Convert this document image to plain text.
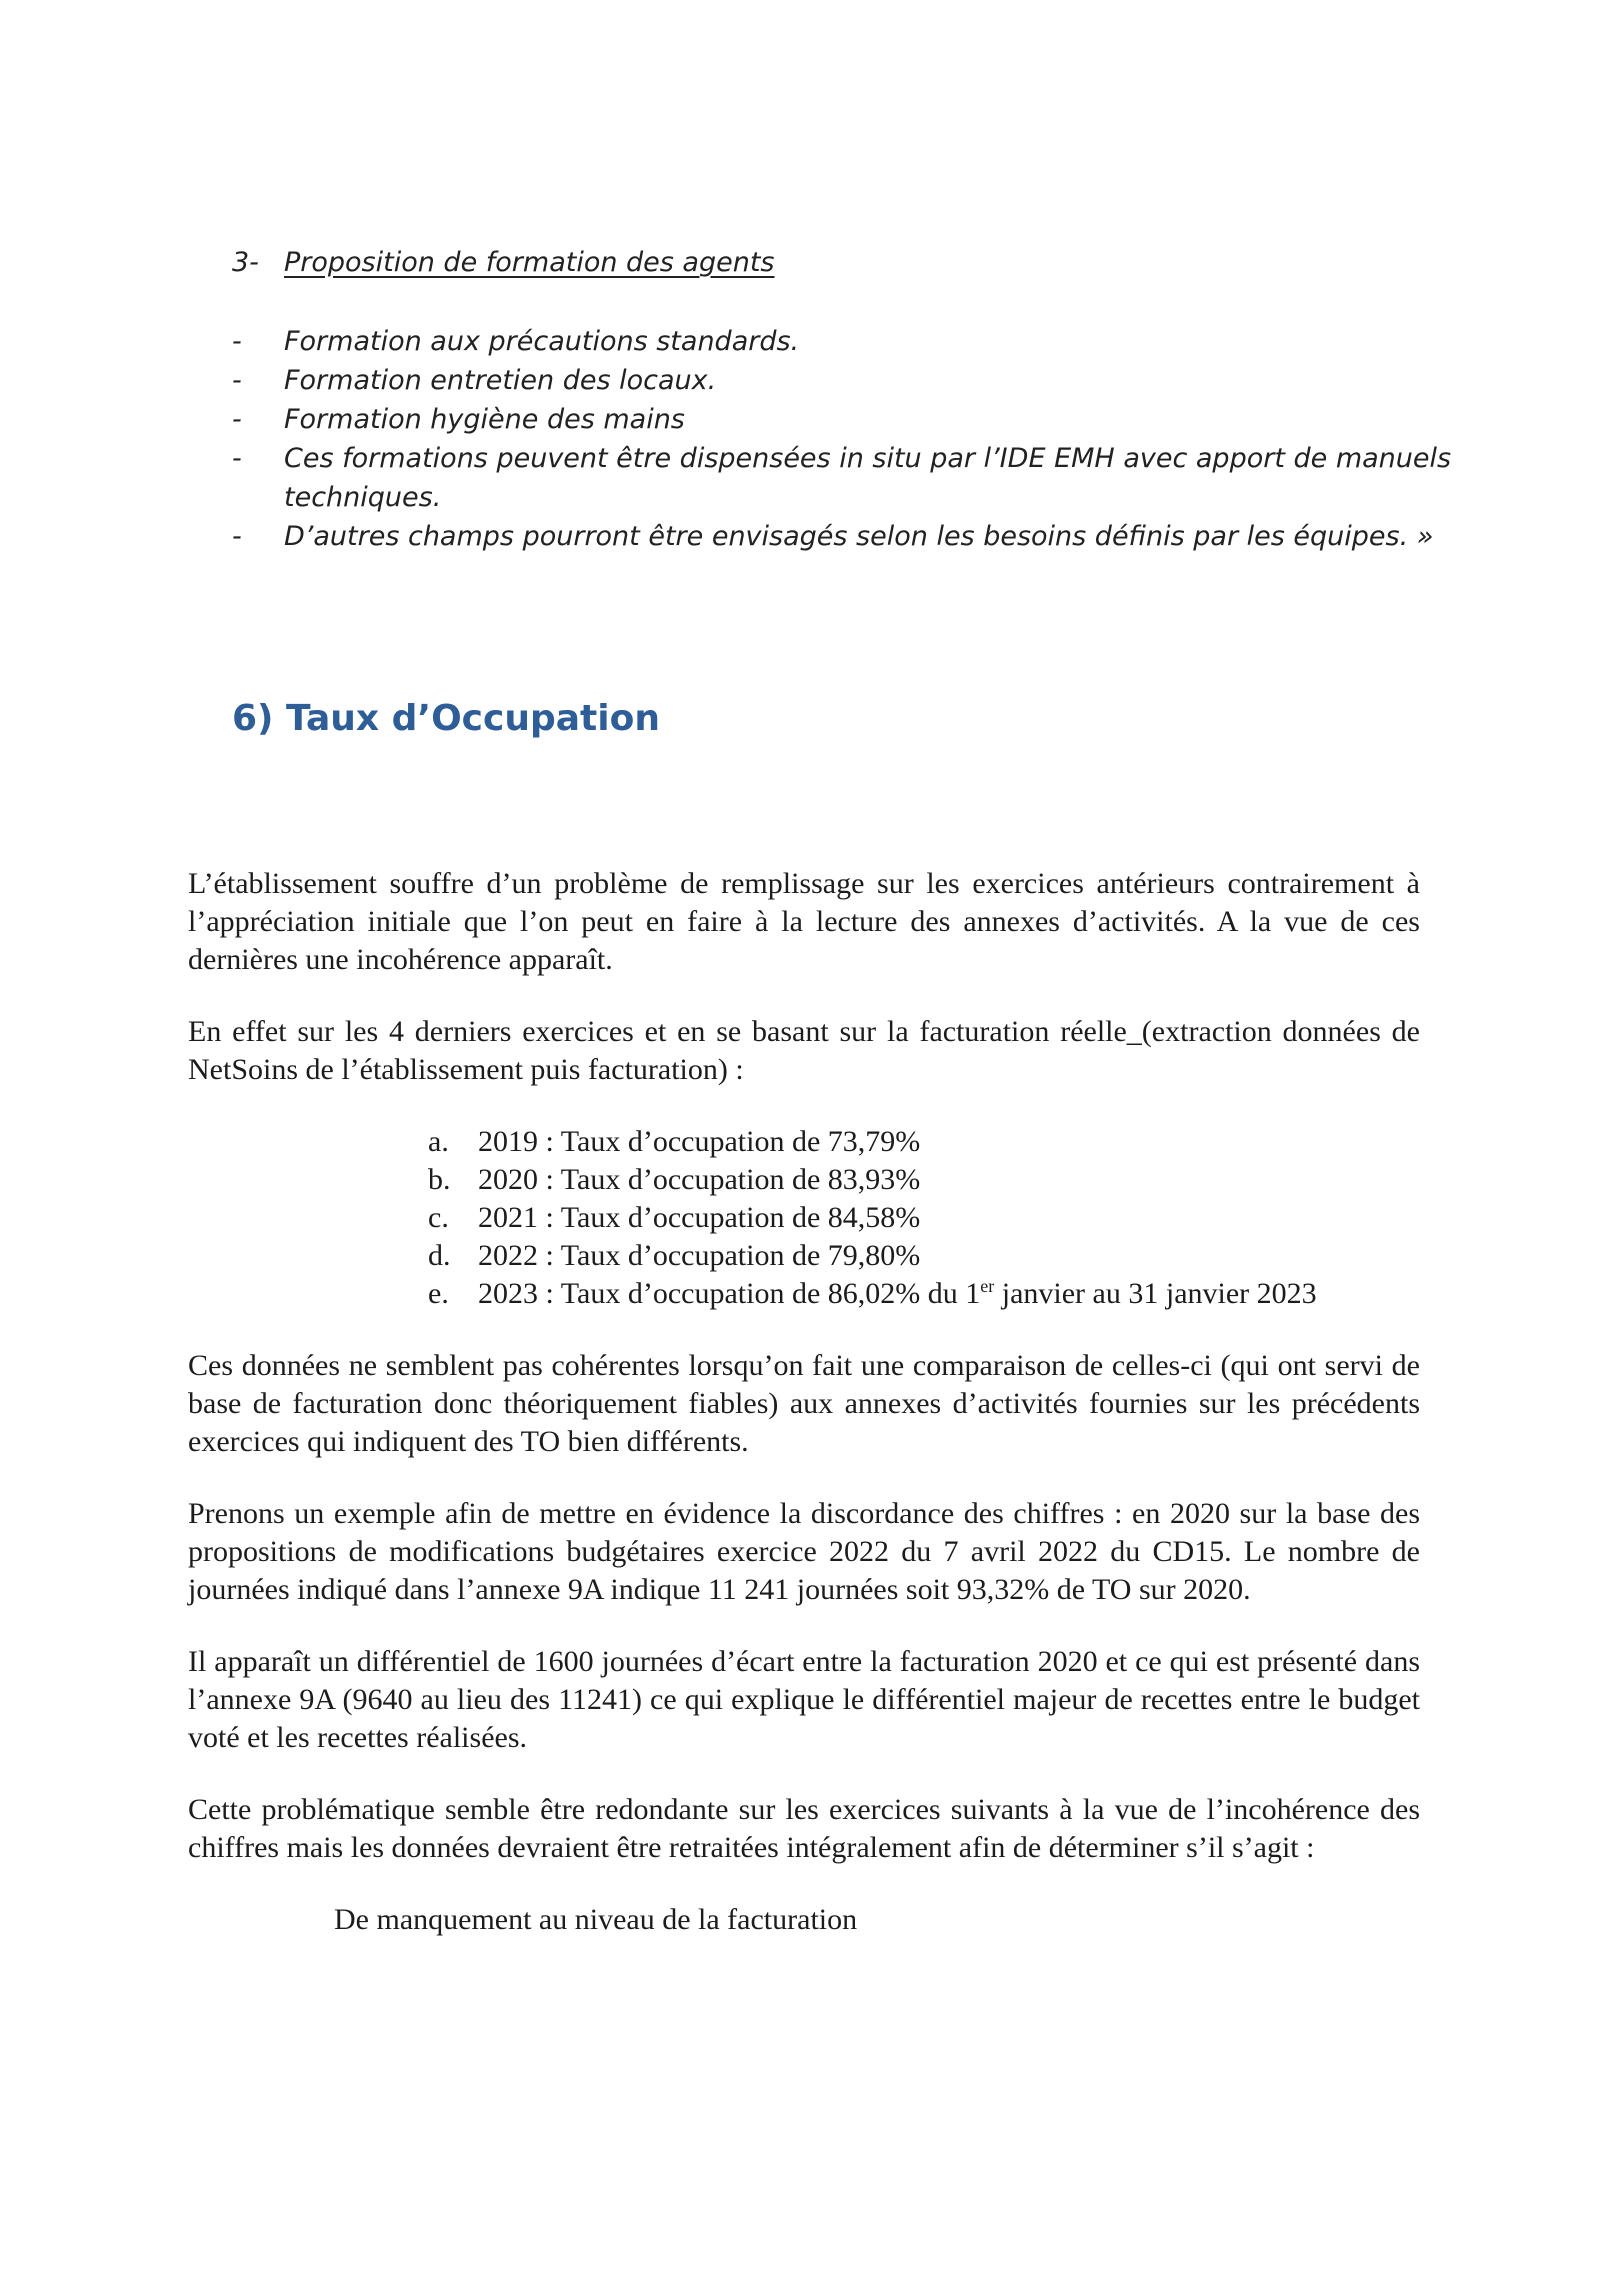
3- Proposition de formation des agents
- Formation aux précautions standards.
- Formation entretien des locaux.
- Formation hygiène des mains
- Ces formations peuvent être dispensées in situ par l’IDE EMH avec apport de manuels techniques.
- D’autres champs pourront être envisagés selon les besoins définis par les équipes. »
6) Taux d’Occupation

L’établissement souffre d’un problème de remplissage sur les exercices antérieurs contrairement à l’appréciation initiale que l’on peut en faire à la lecture des annexes d’activités. A la vue de ces dernières une incohérence apparaît.

En effet sur les 4 derniers exercices et en se basant sur la facturation réelle_(extraction données de NetSoins de l’établissement puis facturation) :

a. 2019 : Taux d’occupation de 73,79%
b. 2020 : Taux d’occupation de 83,93%
c. 2021 : Taux d’occupation de 84,58%
d. 2022 : Taux d’occupation de 79,80%
e. 2023 : Taux d’occupation de 86,02% du 1er janvier au 31 janvier 2023

Ces données ne semblent pas cohérentes lorsqu’on fait une comparaison de celles-ci (qui ont servi de base de facturation donc théoriquement fiables) aux annexes d’activités fournies sur les précédents exercices qui indiquent des TO bien différents.

Prenons un exemple afin de mettre en évidence la discordance des chiffres : en 2020 sur la base des propositions de modifications budgétaires exercice 2022 du 7 avril 2022 du CD15. Le nombre de journées indiqué dans l’annexe 9A indique 11 241 journées soit 93,32% de TO sur 2020.

Il apparaît un différentiel de 1600 journées d’écart entre la facturation 2020 et ce qui est présenté dans l’annexe 9A (9640 au lieu des 11241) ce qui explique le différentiel majeur de recettes entre le budget voté et les recettes réalisées.

Cette problématique semble être redondante sur les exercices suivants à la vue de l’incohérence des chiffres mais les données devraient être retraitées intégralement afin de déterminer s’il s’agit :

De manquement au niveau de la facturation
